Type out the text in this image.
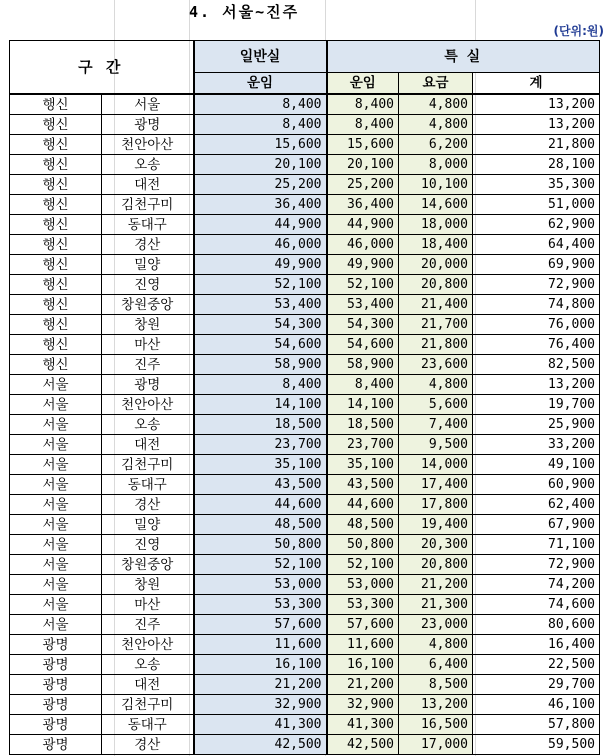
4. 서울~진주
(단위:원)
구 간		일반실	특 실		
		운임	운임	요금	계
행신	서울	8,400	8,400	4,800	13,200
행신	광명	8,400	8,400	4,800	13,200
행신	천안아산	15,600	15,600	6,200	21,800
행신	오송	20,100	20,100	8,000	28,100
행신	대전	25,200	25,200	10,100	35,300
행신	김천구미	36,400	36,400	14,600	51,000
행신	동대구	44,900	44,900	18,000	62,900
행신	경산	46,000	46,000	18,400	64,400
행신	밀양	49,900	49,900	20,000	69,900
행신	진영	52,100	52,100	20,800	72,900
행신	창원중앙	53,400	53,400	21,400	74,800
행신	창원	54,300	54,300	21,700	76,000
행신	마산	54,600	54,600	21,800	76,400
행신	진주	58,900	58,900	23,600	82,500
서울	광명	8,400	8,400	4,800	13,200
서울	천안아산	14,100	14,100	5,600	19,700
서울	오송	18,500	18,500	7,400	25,900
서울	대전	23,700	23,700	9,500	33,200
서울	김천구미	35,100	35,100	14,000	49,100
서울	동대구	43,500	43,500	17,400	60,900
서울	경산	44,600	44,600	17,800	62,400
서울	밀양	48,500	48,500	19,400	67,900
서울	진영	50,800	50,800	20,300	71,100
서울	창원중앙	52,100	52,100	20,800	72,900
서울	창원	53,000	53,000	21,200	74,200
서울	마산	53,300	53,300	21,300	74,600
서울	진주	57,600	57,600	23,000	80,600
광명	천안아산	11,600	11,600	4,800	16,400
광명	오송	16,100	16,100	6,400	22,500
광명	대전	21,200	21,200	8,500	29,700
광명	김천구미	32,900	32,900	13,200	46,100
광명	동대구	41,300	41,300	16,500	57,800
광명	경산	42,500	42,500	17,000	59,500
